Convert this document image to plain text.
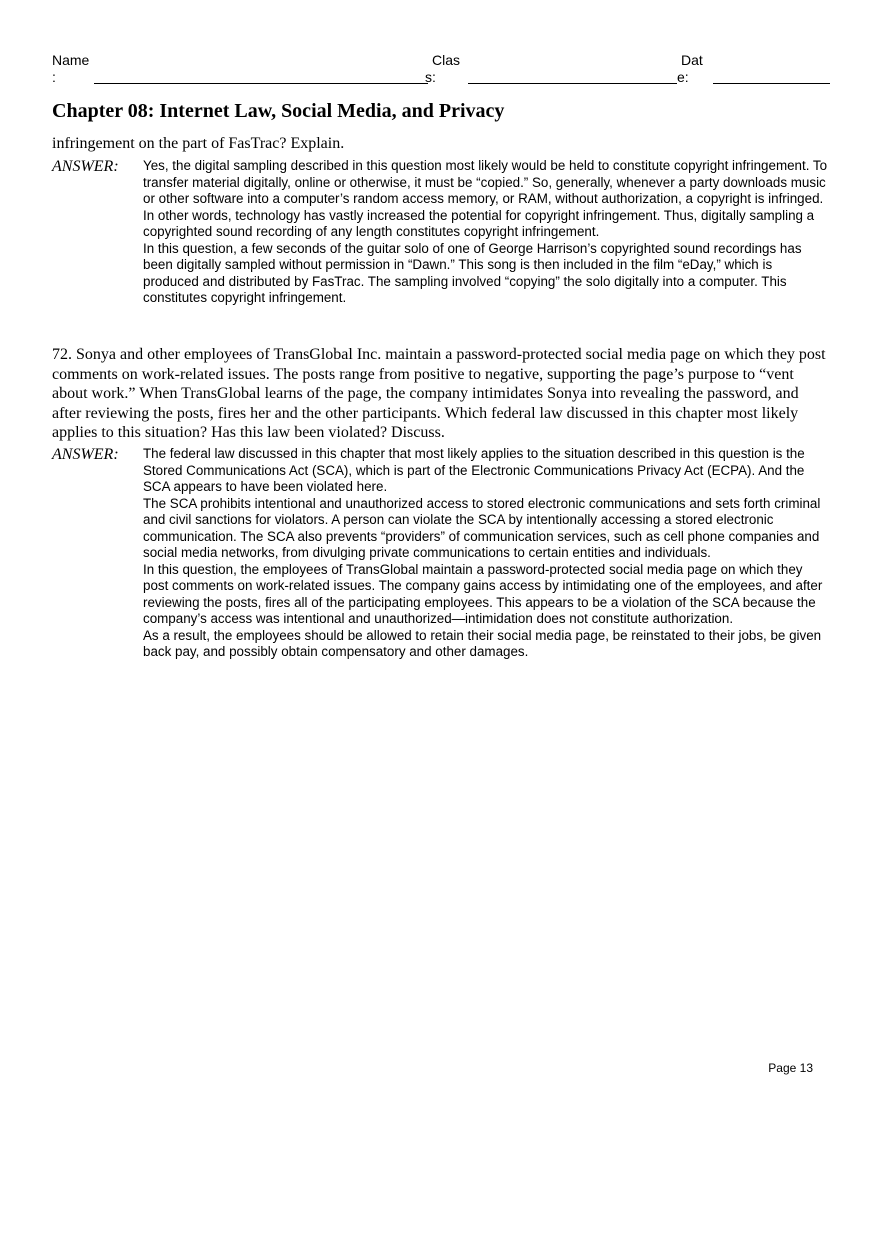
Name
:
Clas
s:
Dat
e:
Chapter 08: Internet Law, Social Media, and Privacy

infringement on the part of FasTrac? Explain.

ANSWER: Yes, the digital sampling described in this question most likely would be held to constitute copyright infringement. To transfer material digitally, online or otherwise, it must be “copied.” So, generally, whenever a party downloads music or other software into a computer’s random access memory, or RAM, without authorization, a copyright is infringed. In other words, technology has vastly increased the potential for copyright infringement. Thus, digitally sampling a copyrighted sound recording of any length constitutes copyright infringement.

In this question, a few seconds of the guitar solo of one of George Harrison’s copyrighted sound recordings has been digitally sampled without permission in “Dawn.” This song is then included in the film “eDay,” which is produced and distributed by FasTrac. The sampling involved “copying” the solo digitally into a computer. This constitutes copyright infringement.

72. Sonya and other employees of TransGlobal Inc. maintain a password-protected social media page on which they post comments on work-related issues. The posts range from positive to negative, supporting the page’s purpose to “vent about work.” When TransGlobal learns of the page, the company intimidates Sonya into revealing the password, and after reviewing the posts, fires her and the other participants. Which federal law discussed in this chapter most likely applies to this situation? Has this law been violated? Discuss.

ANSWER: The federal law discussed in this chapter that most likely applies to the situation described in this question is the Stored Communications Act (SCA), which is part of the Electronic Communications Privacy Act (ECPA). And the SCA appears to have been violated here.

The SCA prohibits intentional and unauthorized access to stored electronic communications and sets forth criminal and civil sanctions for violators. A person can violate the SCA by intentionally accessing a stored electronic communication. The SCA also prevents “providers” of communication services, such as cell phone companies and social media networks, from divulging private communications to certain entities and individuals.

In this question, the employees of TransGlobal maintain a password-protected social media page on which they post comments on work-related issues. The company gains access by intimidating one of the employees, and after reviewing the posts, fires all of the participating employees. This appears to be a violation of the SCA because the company’s access was intentional and unauthorized—intimidation does not constitute authorization.

As a result, the employees should be allowed to retain their social media page, be reinstated to their jobs, be given back pay, and possibly obtain compensatory and other damages.

Page 13
